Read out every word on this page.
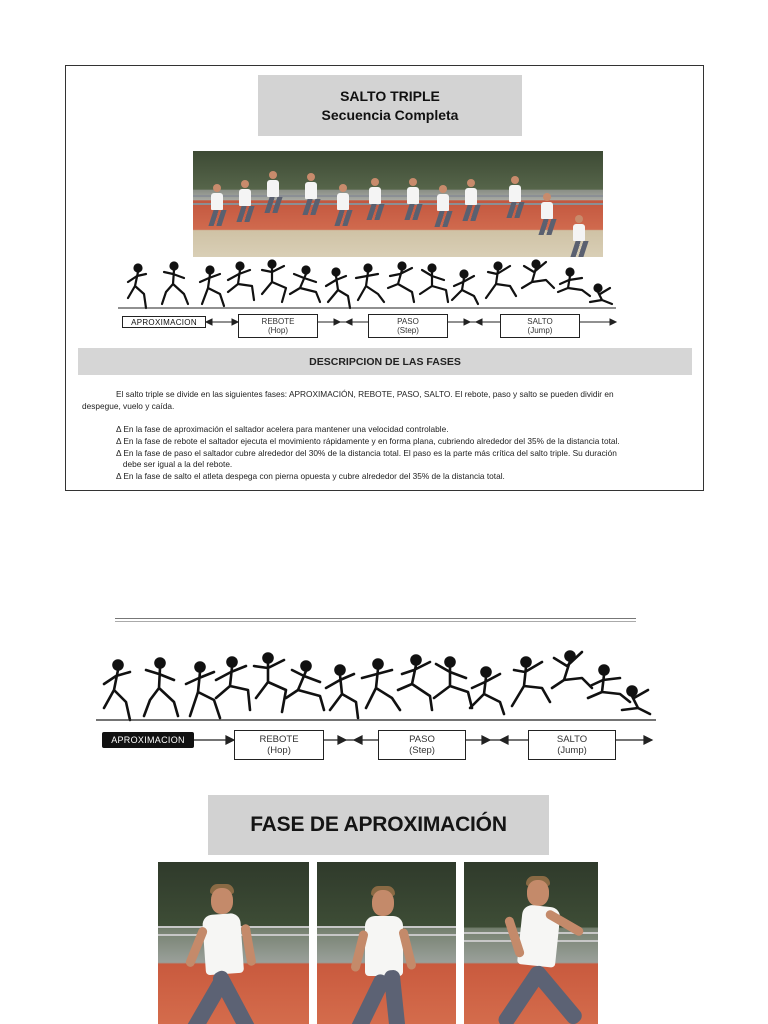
SALTO TRIPLE
Secuencia Completa
APROXIMACION	REBOTE
(Hop)
PASO
(Step)
SALTO
(Jump)
DESCRIPCION DE LAS FASES
El salto triple se divide en las siguientes fases: APROXIMACIÓN, REBOTE, PASO, SALTO. El rebote, paso y salto se pueden dividir en
despegue, vuelo y caída.
Δ En la fase de aproximación el saltador acelera para mantener una velocidad controlable.
Δ En la fase de rebote el saltador ejecuta el movimiento rápidamente y en forma plana, cubriendo alrededor del 35% de la distancia total.
Δ En la fase de paso el saltador cubre alrededor del 30% de la distancia total. El paso es la parte más crítica del salto triple. Su duración
debe ser igual a la del rebote.
Δ En la fase de salto el atleta despega con pierna opuesta y cubre alrededor del 35% de la distancia total.
APROXIMACION	REBOTE
(Hop)
PASO
(Step)
SALTO
(Jump)
FASE DE APROXIMACIÓN
